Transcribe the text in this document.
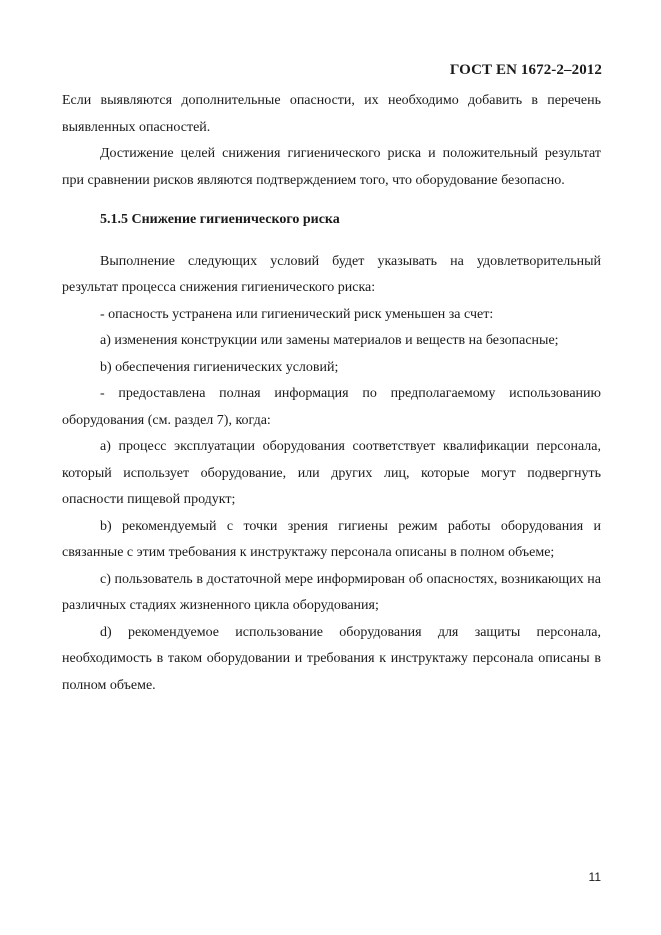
ГОСТ EN 1672-2–2012

Если выявляются дополнительные опасности, их необходимо добавить в перечень выявленных опасностей.

Достижение целей снижения гигиенического риска и положительный результат при сравнении рисков являются подтверждением того, что оборудование безопасно.

5.1.5 Снижение гигиенического риска

Выполнение следующих условий будет указывать на удовлетворительный результат процесса снижения гигиенического риска:

- опасность устранена или гигиенический риск уменьшен за счет:

a) изменения конструкции или замены материалов и веществ на безопасные;

b) обеспечения гигиенических условий;

- предоставлена полная информация по предполагаемому использованию оборудования (см. раздел 7), когда:

a) процесс эксплуатации оборудования соответствует квалификации персонала, который использует оборудование, или других лиц, которые могут подвергнуть опасности пищевой продукт;

b) рекомендуемый с точки зрения гигиены режим работы оборудования и связанные с этим требования к инструктажу персонала описаны в полном объеме;

c) пользователь в достаточной мере информирован об опасностях, возникающих на различных стадиях жизненного цикла оборудования;

d) рекомендуемое использование оборудования для защиты персонала, необходимость в таком оборудовании и требования к инструктажу персонала описаны в полном объеме.

11
